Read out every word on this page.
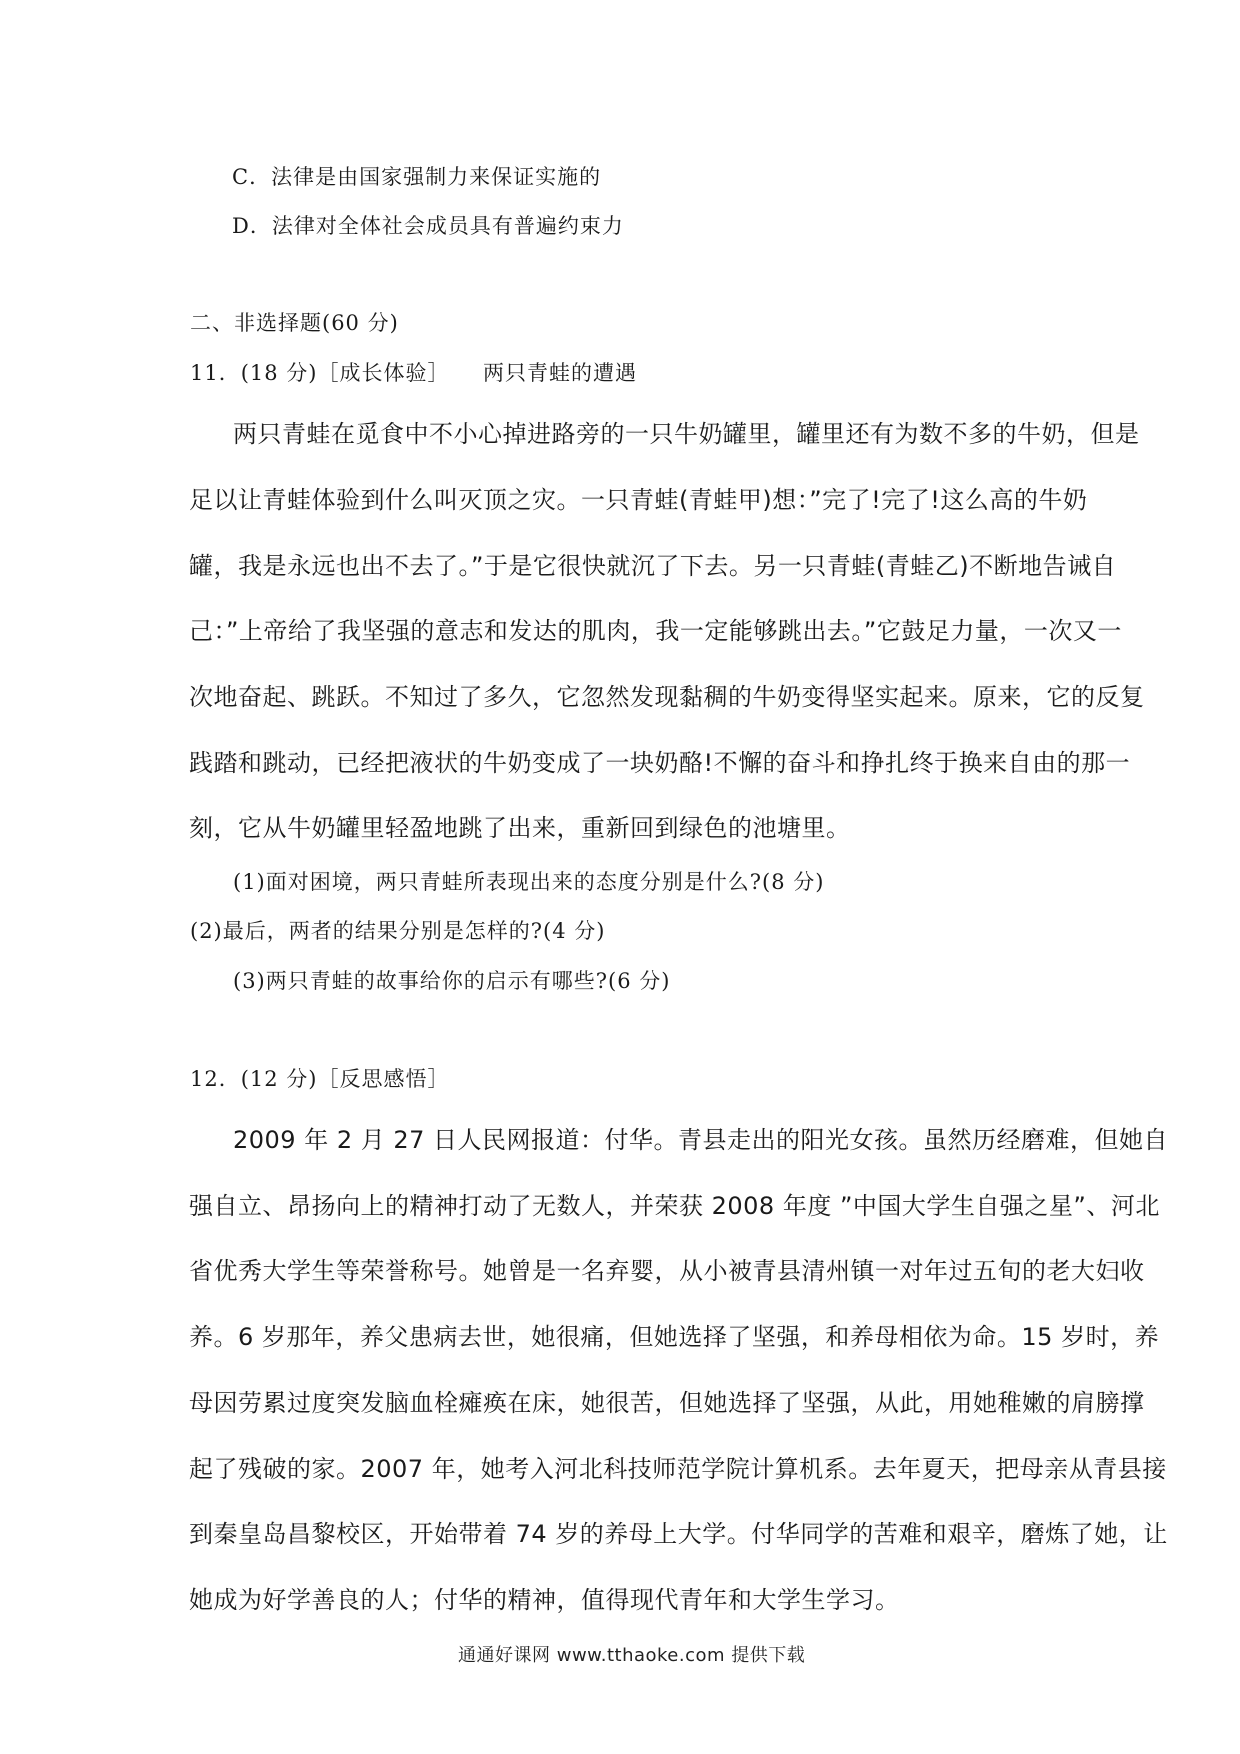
C．法律是由国家强制力来保证实施的
D．法律对全体社会成员具有普遍约束力
二、非选择题(60 分)
11．(18 分)［成长体验］　　两只青蛙的遭遇
两只青蛙在觅食中不小心掉进路旁的一只牛奶罐里，罐里还有为数不多的牛奶，但是
足以让青蛙体验到什么叫灭顶之灾。一只青蛙(青蛙甲)想：”完了!完了!这么高的牛奶
罐，我是永远也出不去了。”于是它很快就沉了下去。另一只青蛙(青蛙乙)不断地告诫自
己：”上帝给了我坚强的意志和发达的肌肉，我一定能够跳出去。”它鼓足力量，一次又一
次地奋起、跳跃。不知过了多久，它忽然发现黏稠的牛奶变得坚实起来。原来，它的反复
践踏和跳动，已经把液状的牛奶变成了一块奶酪!不懈的奋斗和挣扎终于换来自由的那一
刻，它从牛奶罐里轻盈地跳了出来，重新回到绿色的池塘里。
(1)面对困境，两只青蛙所表现出来的态度分别是什么?(8 分)
(2)最后，两者的结果分别是怎样的?(4 分)
(3)两只青蛙的故事给你的启示有哪些?(6 分)
12．(12 分)［反思感悟］
2009 年 2 月 27 日人民网报道：付华。青县走出的阳光女孩。虽然历经磨难，但她自
强自立、昂扬向上的精神打动了无数人，并荣获 2008 年度 ”中国大学生自强之星”、河北
省优秀大学生等荣誉称号。她曾是一名弃婴，从小被青县清州镇一对年过五旬的老大妇收
养。6 岁那年，养父患病去世，她很痛，但她选择了坚强，和养母相依为命。15 岁时，养
母因劳累过度突发脑血栓瘫痪在床，她很苦，但她选择了坚强，从此，用她稚嫩的肩膀撑
起了残破的家。2007 年，她考入河北科技师范学院计算机系。去年夏天，把母亲从青县接
到秦皇岛昌黎校区，开始带着 74 岁的养母上大学。付华同学的苦难和艰辛，磨炼了她，让
她成为好学善良的人；付华的精神，值得现代青年和大学生学习。
通通好课网 www.tthaoke.com 提供下载
